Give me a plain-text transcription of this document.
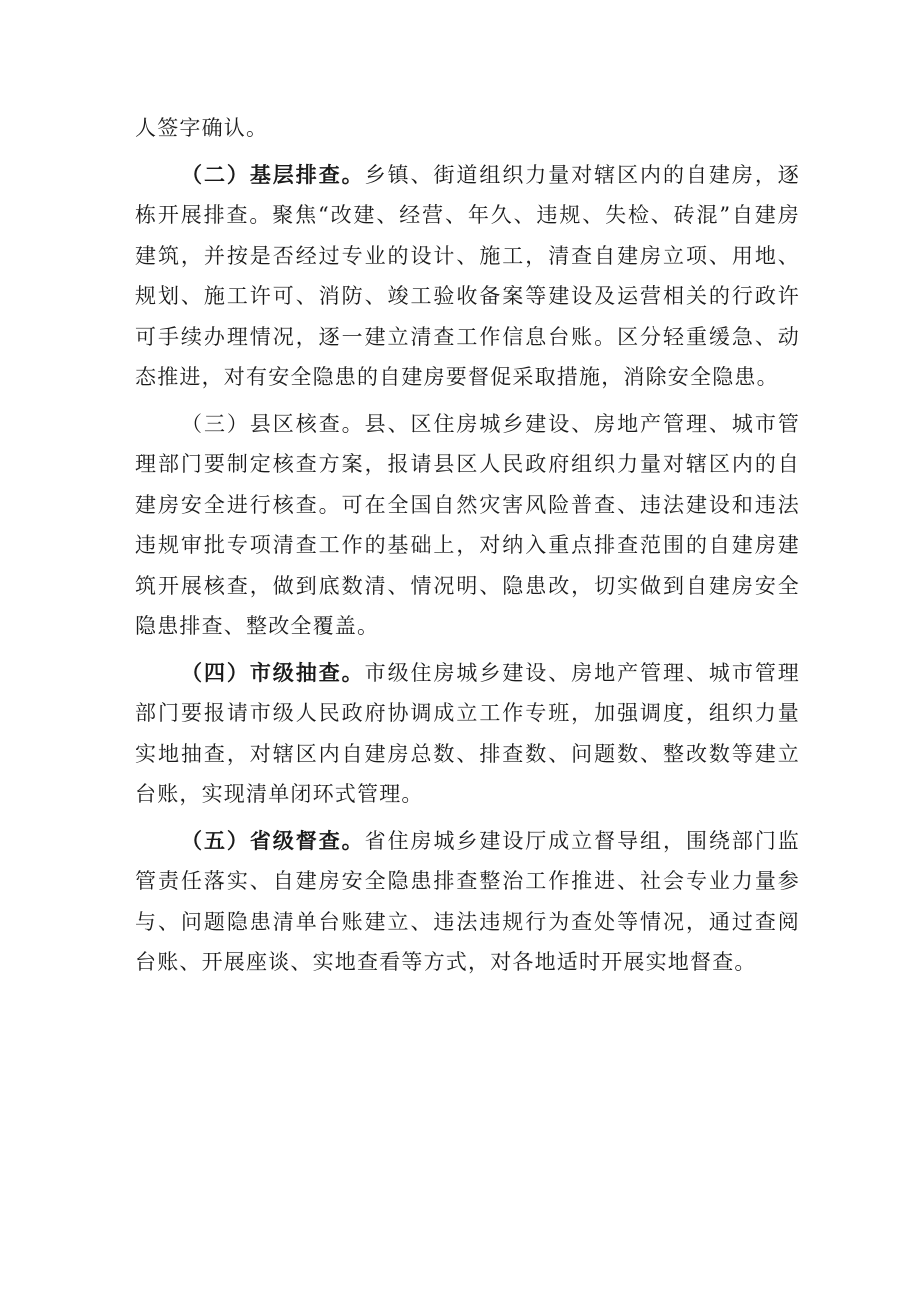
人签字确认。

（二）基层排查。乡镇、街道组织力量对辖区内的自建房，逐栋开展排查。聚焦“改建、经营、年久、违规、失检、砖混”自建房建筑，并按是否经过专业的设计、施工，清查自建房立项、用地、规划、施工许可、消防、竣工验收备案等建设及运营相关的行政许可手续办理情况，逐一建立清查工作信息台账。区分轻重缓急、动态推进，对有安全隐患的自建房要督促采取措施，消除安全隐患。

（三）县区核查。县、区住房城乡建设、房地产管理、城市管理部门要制定核查方案，报请县区人民政府组织力量对辖区内的自建房安全进行核查。可在全国自然灾害风险普查、违法建设和违法违规审批专项清查工作的基础上，对纳入重点排查范围的自建房建筑开展核查，做到底数清、情况明、隐患改，切实做到自建房安全隐患排查、整改全覆盖。

（四）市级抽查。市级住房城乡建设、房地产管理、城市管理部门要报请市级人民政府协调成立工作专班，加强调度，组织力量实地抽查，对辖区内自建房总数、排查数、问题数、整改数等建立台账，实现清单闭环式管理。

（五）省级督查。省住房城乡建设厅成立督导组，围绕部门监管责任落实、自建房安全隐患排查整治工作推进、社会专业力量参与、问题隐患清单台账建立、违法违规行为查处等情况，通过查阅台账、开展座谈、实地查看等方式，对各地适时开展实地督查。
